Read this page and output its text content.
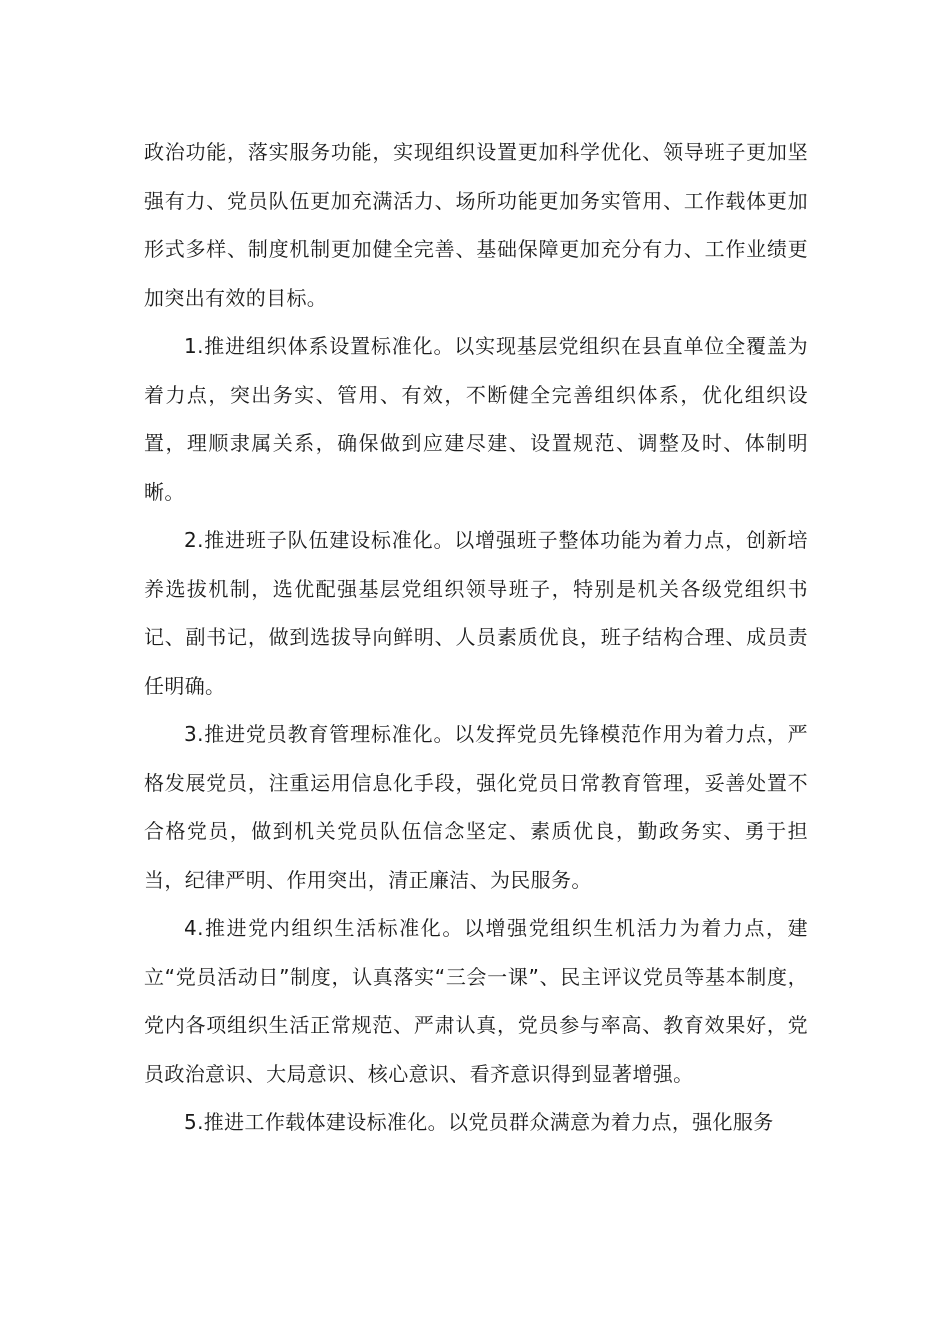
政治功能，落实服务功能，实现组织设置更加科学优化、领导班子更加坚强有力、党员队伍更加充满活力、场所功能更加务实管用、工作载体更加形式多样、制度机制更加健全完善、基础保障更加充分有力、工作业绩更加突出有效的目标。

1.推进组织体系设置标准化。以实现基层党组织在县直单位全覆盖为着力点，突出务实、管用、有效，不断健全完善组织体系，优化组织设置，理顺隶属关系，确保做到应建尽建、设置规范、调整及时、体制明晰。

2.推进班子队伍建设标准化。以增强班子整体功能为着力点，创新培养选拔机制，选优配强基层党组织领导班子，特别是机关各级党组织书记、副书记，做到选拔导向鲜明、人员素质优良，班子结构合理、成员责任明确。

3.推进党员教育管理标准化。以发挥党员先锋模范作用为着力点，严格发展党员，注重运用信息化手段，强化党员日常教育管理，妥善处置不合格党员，做到机关党员队伍信念坚定、素质优良，勤政务实、勇于担当，纪律严明、作用突出，清正廉洁、为民服务。

4.推进党内组织生活标准化。以增强党组织生机活力为着力点，建立“党员活动日”制度，认真落实“三会一课”、民主评议党员等基本制度，党内各项组织生活正常规范、严肃认真，党员参与率高、教育效果好，党员政治意识、大局意识、核心意识、看齐意识得到显著增强。

5.推进工作载体建设标准化。以党员群众满意为着力点，强化服务
